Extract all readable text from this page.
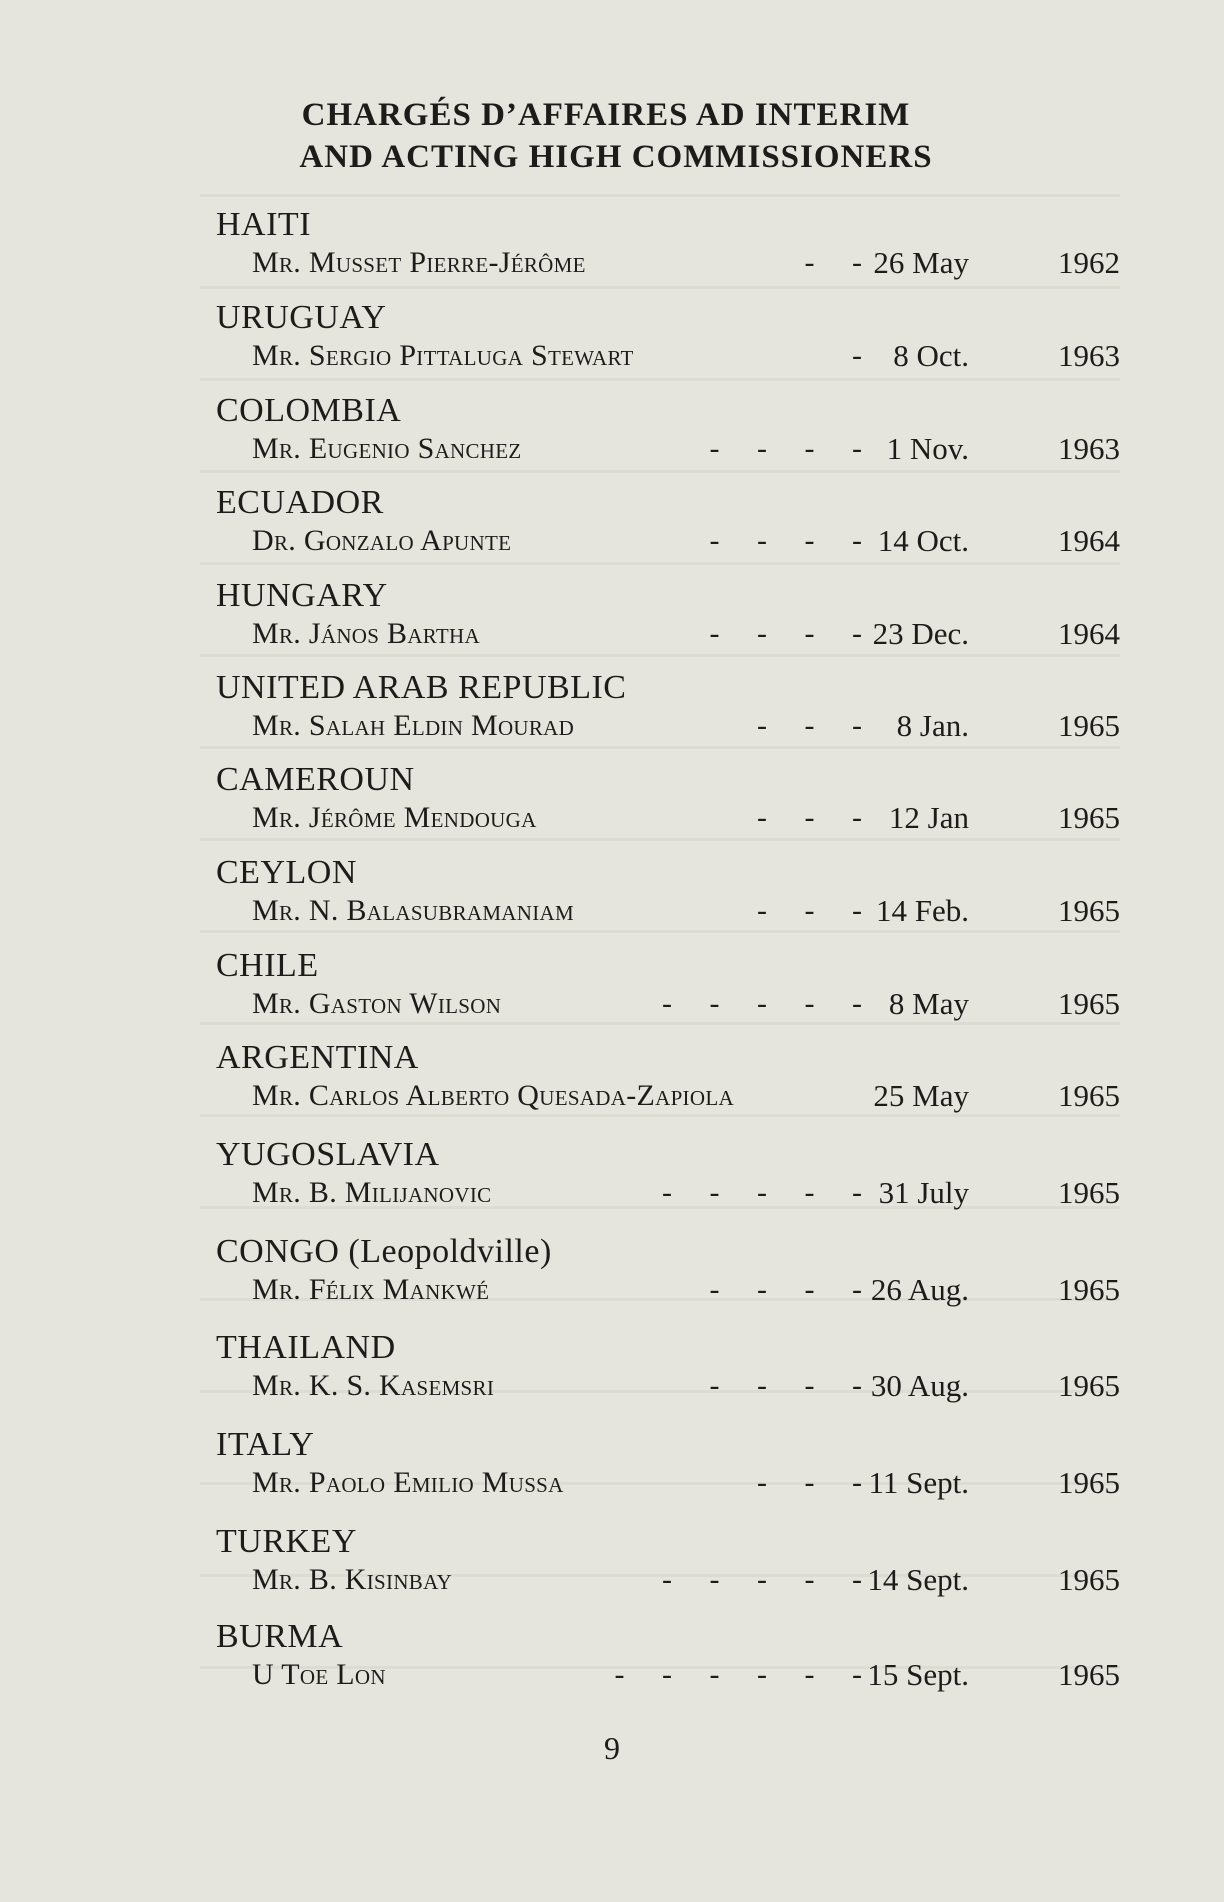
CHARGÉS D’AFFAIRES AD INTERIM
AND ACTING HIGH COMMISSIONERS
HAITI
Mr. Musset Pierre-Jérôme	- - 26 May	1962
URUGUAY
Mr. Sergio Pittaluga Stewart	- 8 Oct.	1963
COLOMBIA
Mr. Eugenio Sanchez	- - - - 1 Nov.	1963
ECUADOR
Dr. Gonzalo Apunte	- - - - 14 Oct.	1964
HUNGARY
Mr. János Bartha	- - - - 23 Dec.	1964
UNITED ARAB REPUBLIC
Mr. Salah Eldin Mourad	- - - 8 Jan.	1965
CAMEROUN
Mr. Jérôme Mendouga	- - - 12 Jan	1965
CEYLON
Mr. N. Balasubramaniam	- - - 14 Feb.	1965
CHILE
Mr. Gaston Wilson	- - - - - 8 May	1965
ARGENTINA
Mr. Carlos Alberto Quesada-Zapiola	25 May	1965
YUGOSLAVIA
Mr. B. Milijanovic	- - - - - 31 July	1965
CONGO (Leopoldville)
Mr. Félix Mankwé	- - - - 26 Aug.	1965
THAILAND
Mr. K. S. Kasemsri	- - - - 30 Aug.	1965
ITALY
Mr. Paolo Emilio Mussa	- - - 11 Sept.	1965
TURKEY
Mr. B. Kisinbay	- - - - - 14 Sept.	1965
BURMA
U Toe Lon	- - - - - - 15 Sept.	1965
9
